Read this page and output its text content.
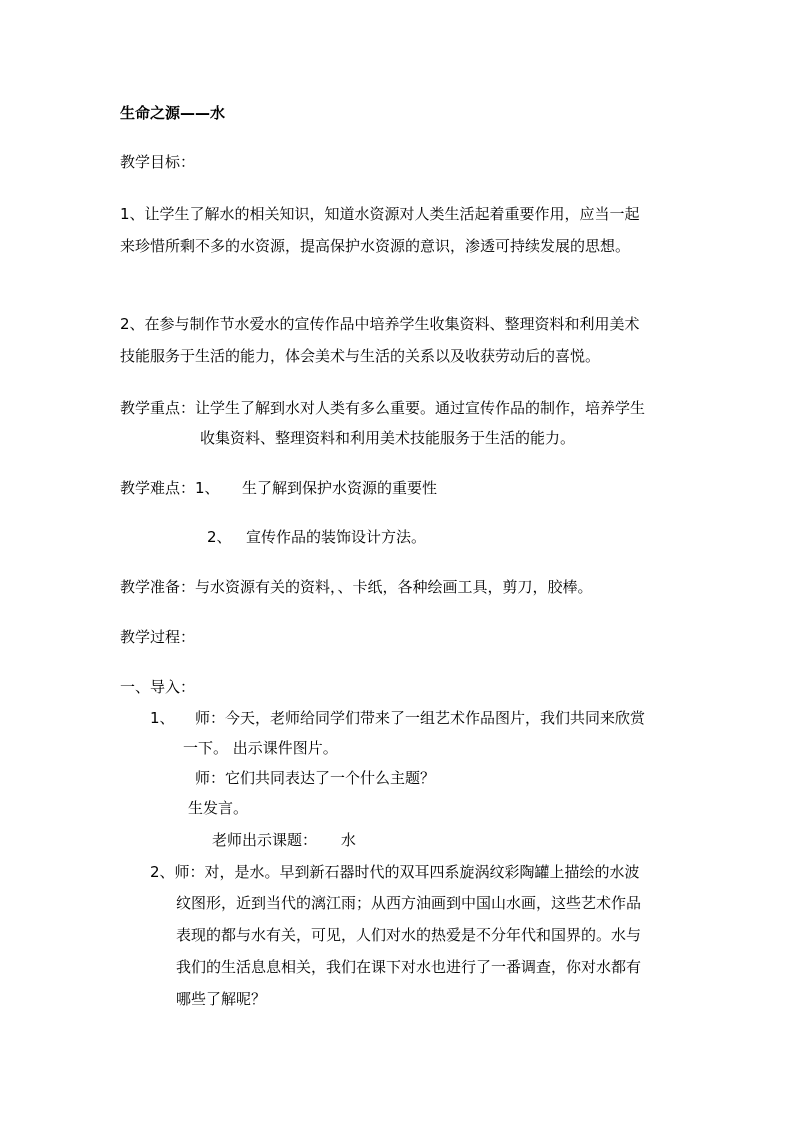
生命之源——水
教学目标：
1、让学生了解水的相关知识，知道水资源对人类生活起着重要作用，应当一起
来珍惜所剩不多的水资源，提高保护水资源的意识，渗透可持续发展的思想。
2、在参与制作节水爱水的宣传作品中培养学生收集资料、整理资料和利用美术
技能服务于生活的能力，体会美术与生活的关系以及收获劳动后的喜悦。
教学重点：让学生了解到水对人类有多么重要。通过宣传作品的制作，培养学生
收集资料、整理资料和利用美术技能服务于生活的能力。
教学难点：1、 生了解到保护水资源的重要性
2、 宣传作品的装饰设计方法。
教学准备：与水资源有关的资料，、卡纸，各种绘画工具，剪刀，胶棒。
教学过程：
一、导入：
1、 师：今天，老师给同学们带来了一组艺术作品图片，我们共同来欣赏
一下。 出示课件图片。
师：它们共同表达了一个什么主题？
生发言。
老师出示课题：     水
2、师：对，是水。早到新石器时代的双耳四系旋涡纹彩陶罐上描绘的水波
纹图形，近到当代的漓江雨；从西方油画到中国山水画，这些艺术作品
表现的都与水有关，可见，人们对水的热爱是不分年代和国界的。水与
我们的生活息息相关，我们在课下对水也进行了一番调查，你对水都有
哪些了解呢？
